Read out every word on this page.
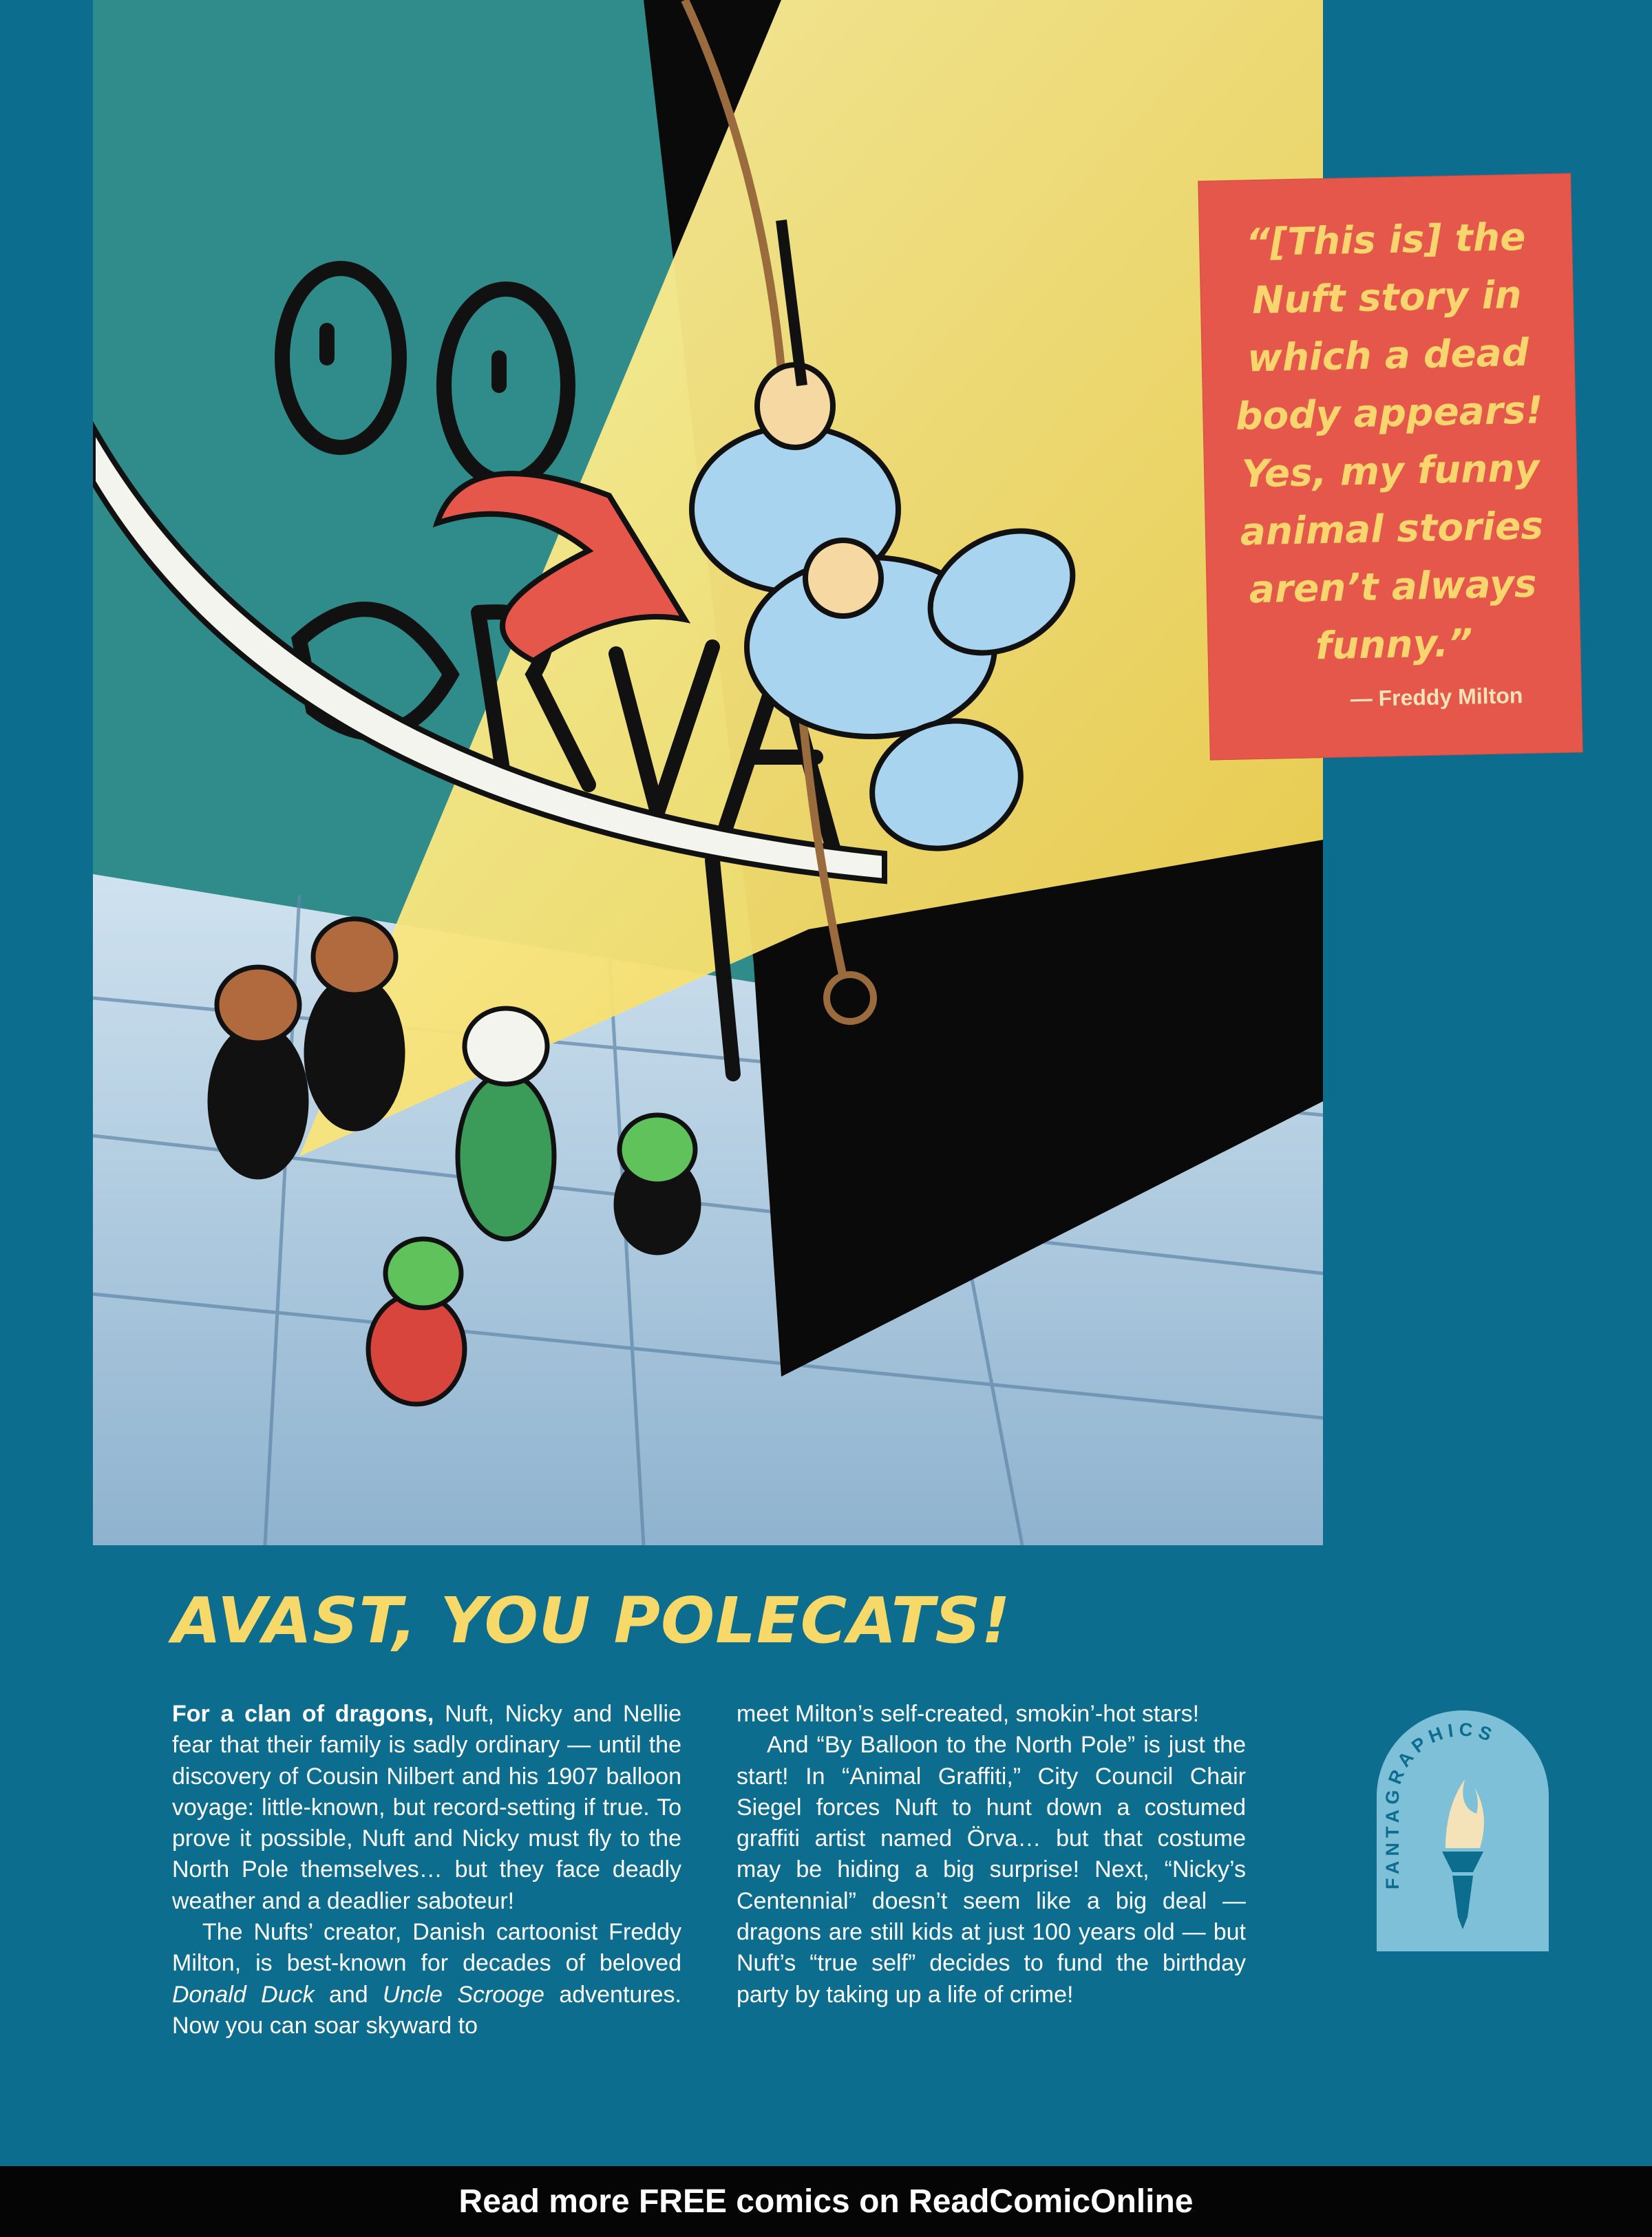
“[This is] the Nuft story in which a dead body appears! Yes, my funny animal stories aren’t always funny.”
— Freddy Milton
AVAST, YOU POLECATS!

For a clan of dragons, Nuft, Nicky and Nellie fear that their family is sadly ordinary — until the discovery of Cousin Nilbert and his 1907 balloon voyage: little-known, but record-setting if true. To prove it possible, Nuft and Nicky must fly to the North Pole themselves… but they face deadly weather and a deadlier saboteur!

The Nufts’ creator, Danish cartoonist Freddy Milton, is best-known for decades of beloved Donald Duck and Uncle Scrooge adventures. Now you can soar skyward to

meet Milton’s self-created, smokin’-hot stars!

And “By Balloon to the North Pole” is just the start! In “Animal Graffiti,” City Council Chair Siegel forces Nuft to hunt down a costumed graffiti artist named Örva… but that costume may be hiding a big surprise! Next, “Nicky’s Centennial” doesn’t seem like a big deal — dragons are still kids at just 100 years old — but Nuft’s “true self” decides to fund the birthday party by taking up a life of crime!

FANTAGRAPHICS
Read more FREE comics on ReadComicOnline
